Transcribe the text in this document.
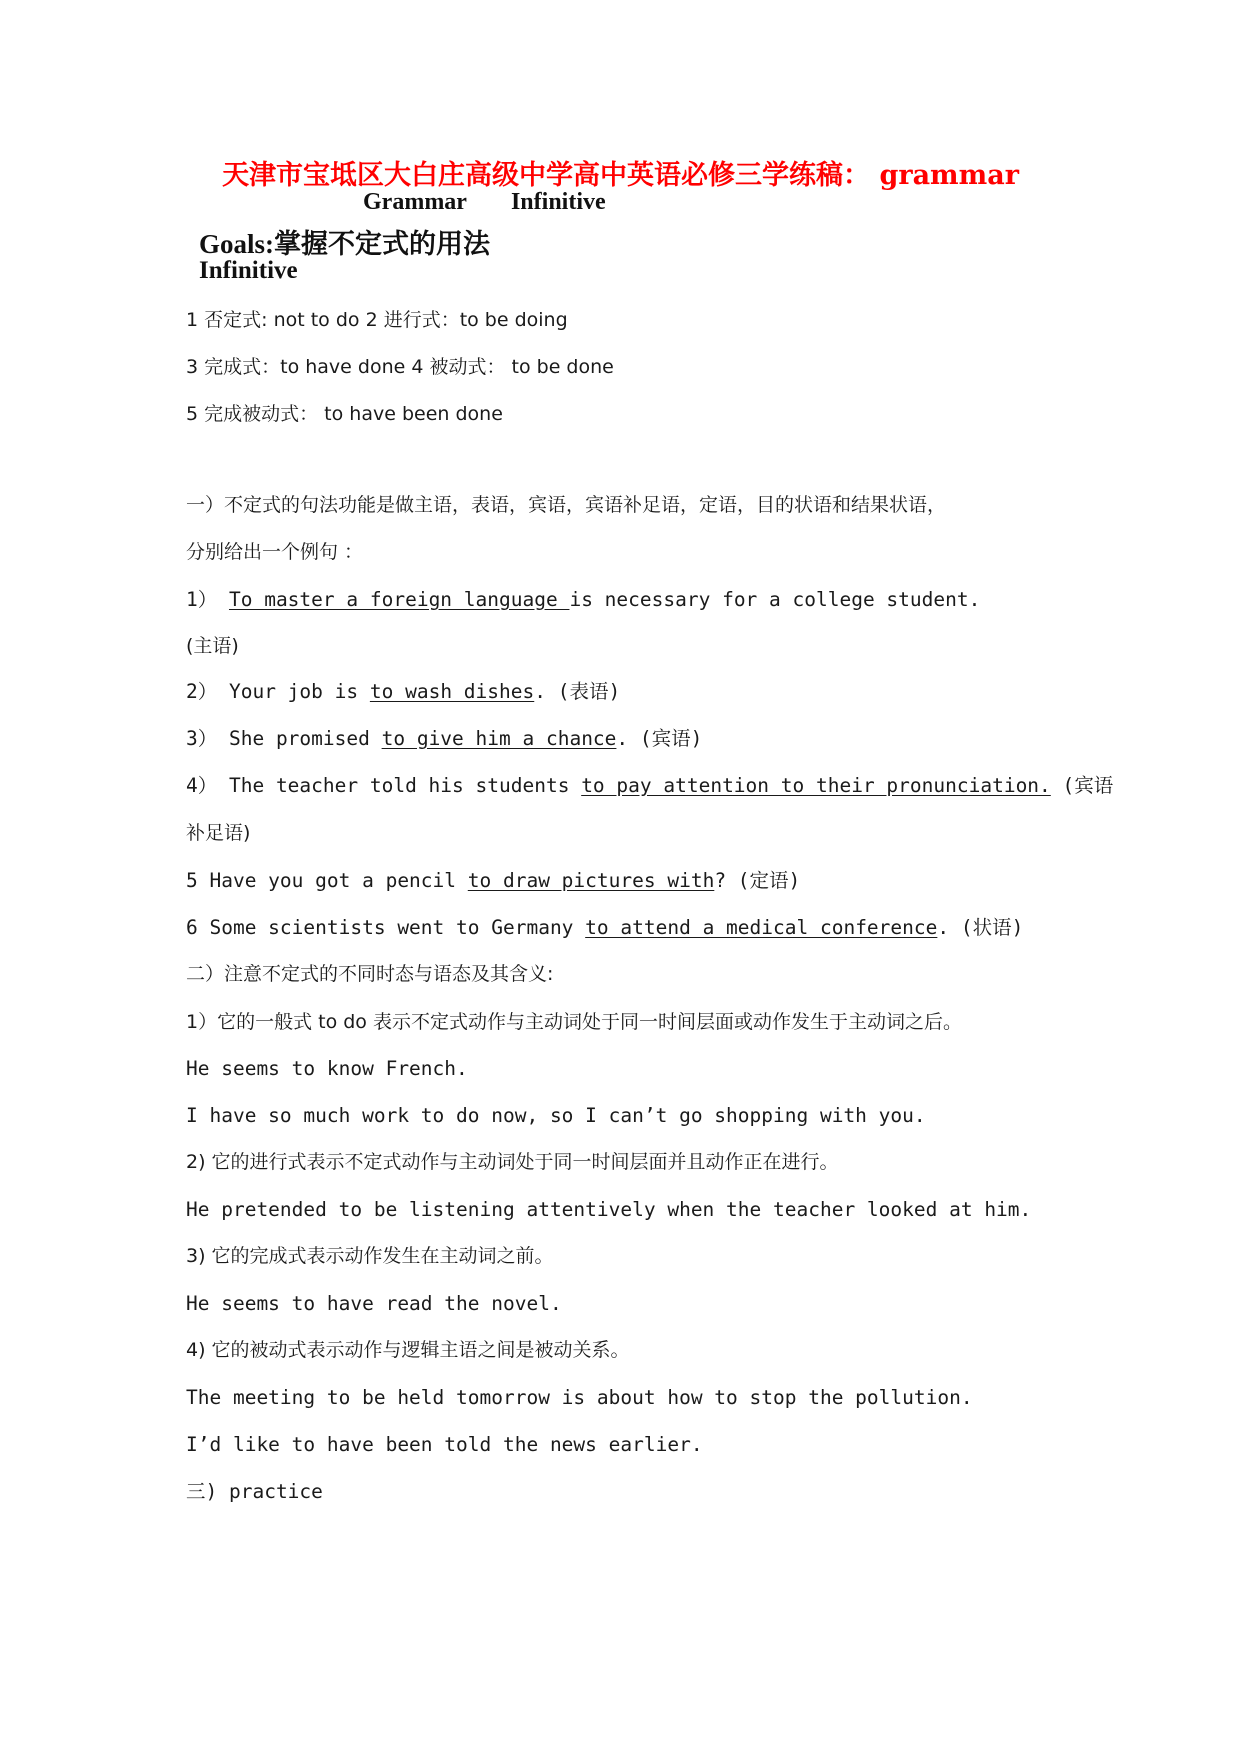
天津市宝坻区大白庄高级中学高中英语必修三学练稿： grammar
Grammar Infinitive
Goals:掌握不定式的用法
Infinitive
1 否定式: not to do 2 进行式：to be doing
3 完成式：to have done 4 被动式： to be done
5 完成被动式： to have been done
一）不定式的句法功能是做主语，表语，宾语，宾语补足语，定语，目的状语和结果状语，
分别给出一个例句 ：
1） To master a foreign language is necessary for a college student.
(主语)
2） Your job is to wash dishes. (表语)
3） She promised to give him a chance. (宾语)
4） The teacher told his students to pay attention to their pronunciation. (宾语
补足语)
5 Have you got a pencil to draw pictures with? (定语)
6 Some scientists went to Germany to attend a medical conference. (状语)
二）注意不定式的不同时态与语态及其含义:
1）它的一般式 to do 表示不定式动作与主动词处于同一时间层面或动作发生于主动词之后。
He seems to know French.
I have so much work to do now, so I can’t go shopping with you.
2) 它的进行式表示不定式动作与主动词处于同一时间层面并且动作正在进行。
He pretended to be listening attentively when the teacher looked at him.
3) 它的完成式表示动作发生在主动词之前。
He seems to have read the novel.
4) 它的被动式表示动作与逻辑主语之间是被动关系。
The meeting to be held tomorrow is about how to stop the pollution.
I’d like to have been told the news earlier.
三) practice
